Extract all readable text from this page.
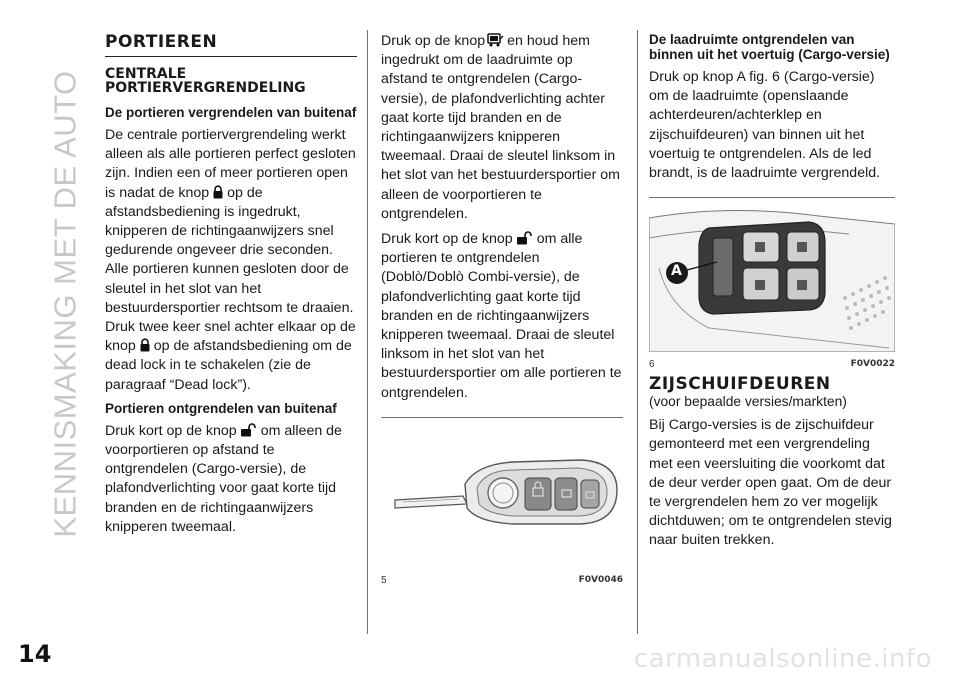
KENNISMAKING MET DE AUTO
PORTIEREN
CENTRALE PORTIERVERGRENDELING
De portieren vergrendelen van buitenaf

De centrale portiervergrendeling werkt alleen als alle portieren perfect gesloten zijn. Indien een of meer portieren open is nadat de knop op de afstandsbediening is ingedrukt, knipperen de richtingaanwijzers snel gedurende ongeveer drie seconden. Alle portieren kunnen gesloten door de sleutel in het slot van het bestuurdersportier rechtsom te draaien. Druk twee keer snel achter elkaar op de knop op de afstandsbediening om de dead lock in te schakelen (zie de paragraaf “Dead lock”).

Portieren ontgrendelen van buitenaf

Druk kort op de knop om alleen de voorportieren op afstand te ontgrendelen (Cargo-versie), de plafondverlichting voor gaat korte tijd branden en de richtingaanwijzers knipperen tweemaal.

Druk op de knop en houd hem ingedrukt om de laadruimte op afstand te ontgrendelen (Cargo-versie), de plafondverlichting achter gaat korte tijd branden en de richtingaanwijzers knipperen tweemaal. Draai de sleutel linksom in het slot van het bestuurdersportier om alleen de voorportieren te ontgrendelen.

Druk kort op de knop om alle portieren te ontgrendelen (Doblò/Doblò Combi-versie), de plafondverlichting gaat korte tijd branden en de richtingaanwijzers knipperen tweemaal. Draai de sleutel linksom in het slot van het bestuurdersportier om alle portieren te ontgrendelen.

5	F0V0046
De laadruimte ontgrendelen van binnen uit het voertuig (Cargo-versie)

Druk op knop A fig. 6 (Cargo-versie) om de laadruimte (openslaande achterdeuren/achterklep en zijschuifdeuren) van binnen uit het voertuig te ontgrendelen. Als de led brandt, is de laadruimte vergrendeld.

A
6	F0V0022
ZIJSCHUIFDEUREN
(voor bepaalde versies/markten)

Bij Cargo-versies is de zijschuifdeur gemonteerd met een vergrendeling met een veersluiting die voorkomt dat de deur verder open gaat. Om de deur te vergrendelen hem zo ver mogelijk dichtduwen; om te ontgrendelen stevig naar buiten trekken.

14	carmanualsonline.info
